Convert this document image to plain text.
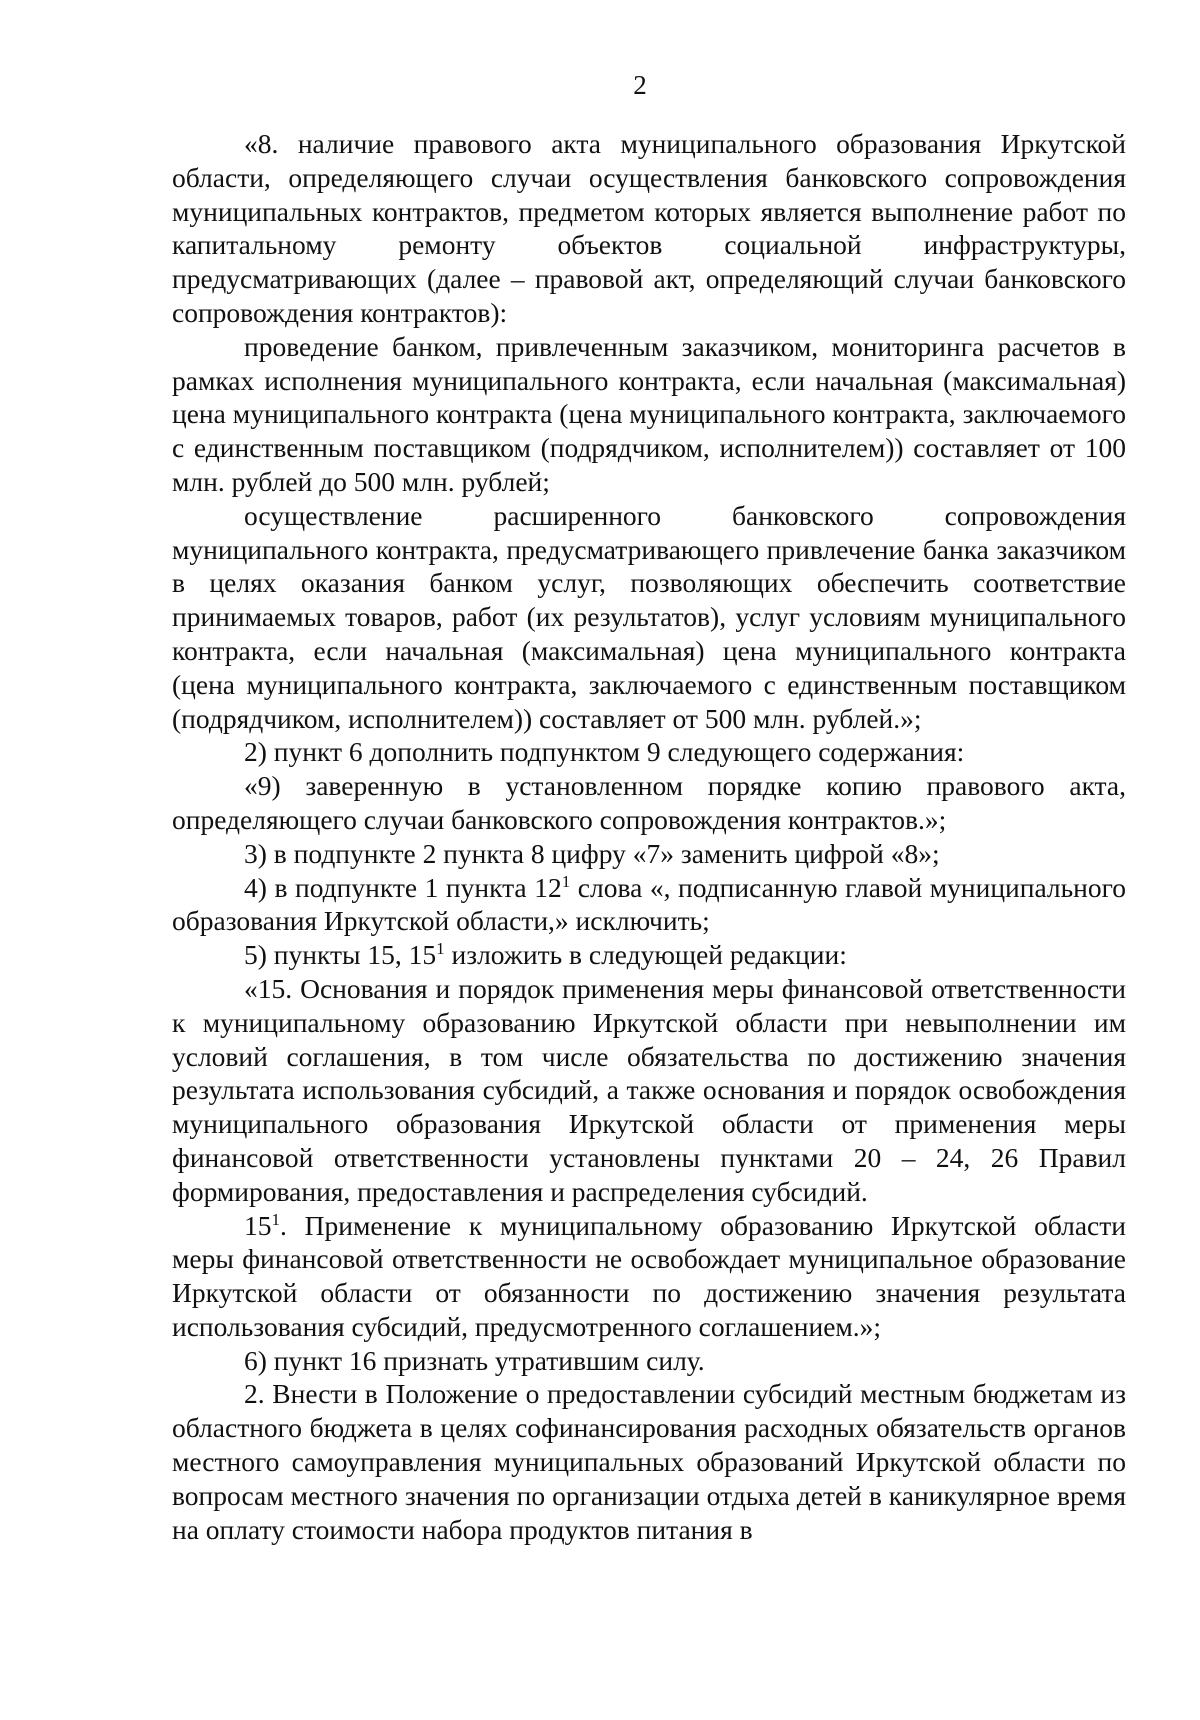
2

«8. наличие правового акта муниципального образования Иркутской области, определяющего случаи осуществления банковского сопровождения муниципальных контрактов, предметом которых является выполнение работ по капитальному ремонту объектов социальной инфраструктуры, предусматривающих (далее – правовой акт, определяющий случаи банковского сопровождения контрактов):

проведение банком, привлеченным заказчиком, мониторинга расчетов в рамках исполнения муниципального контракта, если начальная (максимальная) цена муниципального контракта (цена муниципального контракта, заключаемого с единственным поставщиком (подрядчиком, исполнителем)) составляет от 100 млн. рублей до 500 млн. рублей;

осуществление расширенного банковского сопровождения муниципального контракта, предусматривающего привлечение банка заказчиком в целях оказания банком услуг, позволяющих обеспечить соответствие принимаемых товаров, работ (их результатов), услуг условиям муниципального контракта, если начальная (максимальная) цена муниципального контракта (цена муниципального контракта, заключаемого с единственным поставщиком (подрядчиком, исполнителем)) составляет от 500 млн. рублей.»;

2) пункт 6 дополнить подпунктом 9 следующего содержания:

«9) заверенную в установленном порядке копию правового акта, определяющего случаи банковского сопровождения контрактов.»;

3) в подпункте 2 пункта 8 цифру «7» заменить цифрой «8»;

4) в подпункте 1 пункта $12^1$ слова «, подписанную главой муниципального образования Иркутской области,» исключить;

5) пункты 15, $15^1$ изложить в следующей редакции:

«15. Основания и порядок применения меры финансовой ответственности к муниципальному образованию Иркутской области при невыполнении им условий соглашения, в том числе обязательства по достижению значения результата использования субсидий, а также основания и порядок освобождения муниципального образования Иркутской области от применения меры финансовой ответственности установлены пунктами 20 – 24, 26 Правил формирования, предоставления и распределения субсидий.

$15^1$. Применение к муниципальному образованию Иркутской области меры финансовой ответственности не освобождает муниципальное образование Иркутской области от обязанности по достижению значения результата использования субсидий, предусмотренного соглашением.»;

6) пункт 16 признать утратившим силу.

2. Внести в Положение о предоставлении субсидий местным бюджетам из областного бюджета в целях софинансирования расходных обязательств органов местного самоуправления муниципальных образований Иркутской области по вопросам местного значения по организации отдыха детей в каникулярное время на оплату стоимости набора продуктов питания в
